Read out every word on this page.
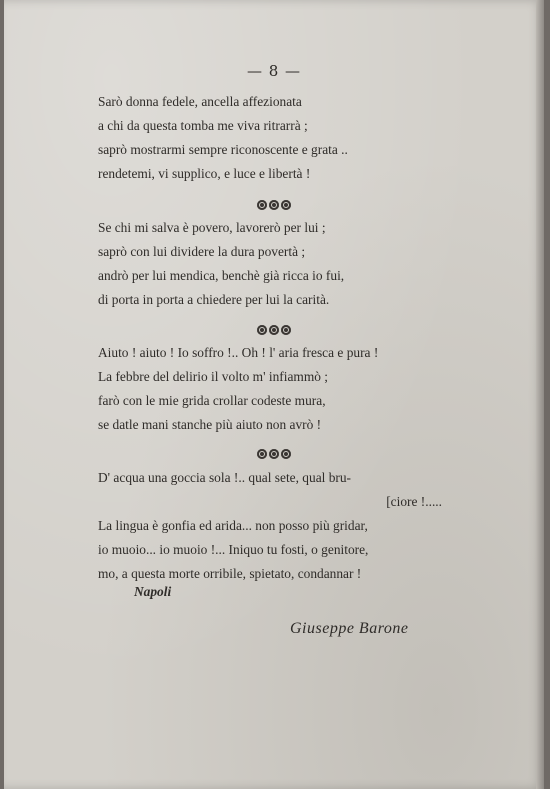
— 8 —
Sarò donna fedele, ancella affezionata
a chi da questa tomba me viva ritrarrà ;
saprò mostrarmi sempre riconoscente e grata ..
rendetemi, vi supplico, e luce e libertà !
Se chi mi salva è povero, lavorerò per lui ;
saprò con lui dividere la dura povertà ;
andrò per lui mendica, benchè già ricca io fui,
di porta in porta a chiedere per lui la carità.
Aiuto ! aiuto ! Io soffro !.. Oh ! l' aria fresca e pura !
La febbre del delirio il volto m' infiammò ;
farò con le mie grida crollar codeste mura,
se datle mani stanche più aiuto non avrò !
D' acqua una goccia sola !.. qual sete, qual bru-
[ciore !.....
La lingua è gonfia ed arida... non posso più gridar,
io muoio... io muoio !... Iniquo tu fosti, o genitore,
mo, a questa morte orribile, spietato, condannar !
Napoli
Giuseppe Barone
